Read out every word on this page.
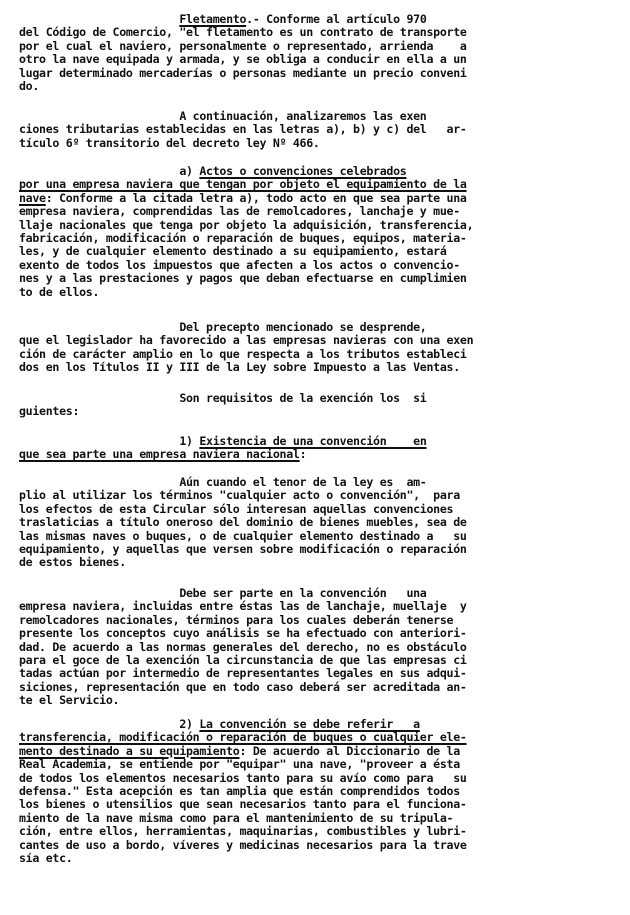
Fletamento.- Conforme al artículo 970
del Código de Comercio, "el fletamento es un contrato de transporte
por el cual el naviero, personalmente o representado, arrienda    a
otro la nave equipada y armada, y se obliga a conducir en ella a un
lugar determinado mercaderías o personas mediante un precio conveni
do.
A continuación, analizaremos las exen
ciones tributarias establecidas en las letras a), b) y c) del   ar-
tículo 6º transitorio del decreto ley Nº 466.
a) Actos o convenciones celebrados
por una empresa naviera que tengan por objeto el equipamiento de la
nave: Conforme a la citada letra a), todo acto en que sea parte una
empresa naviera, comprendidas las de remolcadores, lanchaje y mue-
llaje nacionales que tenga por objeto la adquisición, transferencia,
fabricación, modificación o reparación de buques, equipos, materia-
les, y de cualquier elemento destinado a su equipamiento, estará
exento de todos los impuestos que afecten a los actos o convencio-
nes y a las prestaciones y pagos que deban efectuarse en cumplimien
to de ellos.
Del precepto mencionado se desprende,
que el legislador ha favorecido a las empresas navieras con una exen
ción de carácter amplio en lo que respecta a los tributos estableci
dos en los Títulos II y III de la Ley sobre Impuesto a las Ventas.
Son requisitos de la exención los  si
guientes:
1) Existencia de una convención    en
que sea parte una empresa naviera nacional:
Aún cuando el tenor de la ley es  am-
plio al utilizar los términos "cualquier acto o convención",  para
los efectos de esta Circular sólo interesan aquellas convenciones
traslaticias a título oneroso del dominio de bienes muebles, sea de
las mismas naves o buques, o de cualquier elemento destinado a   su
equipamiento, y aquellas que versen sobre modificación o reparación
de estos bienes.
Debe ser parte en la convención   una
empresa naviera, incluidas entre éstas las de lanchaje, muellaje  y
remolcadores nacionales, términos para los cuales deberán tenerse
presente los conceptos cuyo análisis se ha efectuado con anteriori-
dad. De acuerdo a las normas generales del derecho, no es obstáculo
para el goce de la exención la circunstancia de que las empresas ci
tadas actúan por intermedio de representantes legales en sus adqui-
siciones, representación que en todo caso deberá ser acreditada an-
te el Servicio.
2) La convención se debe referir   a
transferencia, modificación o reparación de buques o cualquier ele-
mento destinado a su equipamiento: De acuerdo al Diccionario de la
Real Academia, se entiende por "equipar" una nave, "proveer a ésta
de todos los elementos necesarios tanto para su avío como para   su
defensa." Esta acepción es tan amplia que están comprendidos todos
los bienes o utensilios que sean necesarios tanto para el funciona-
miento de la nave misma como para el mantenimiento de su tripula-
ción, entre ellos, herramientas, maquinarias, combustibles y lubri-
cantes de uso a bordo, víveres y medicinas necesarios para la trave
sía etc.
